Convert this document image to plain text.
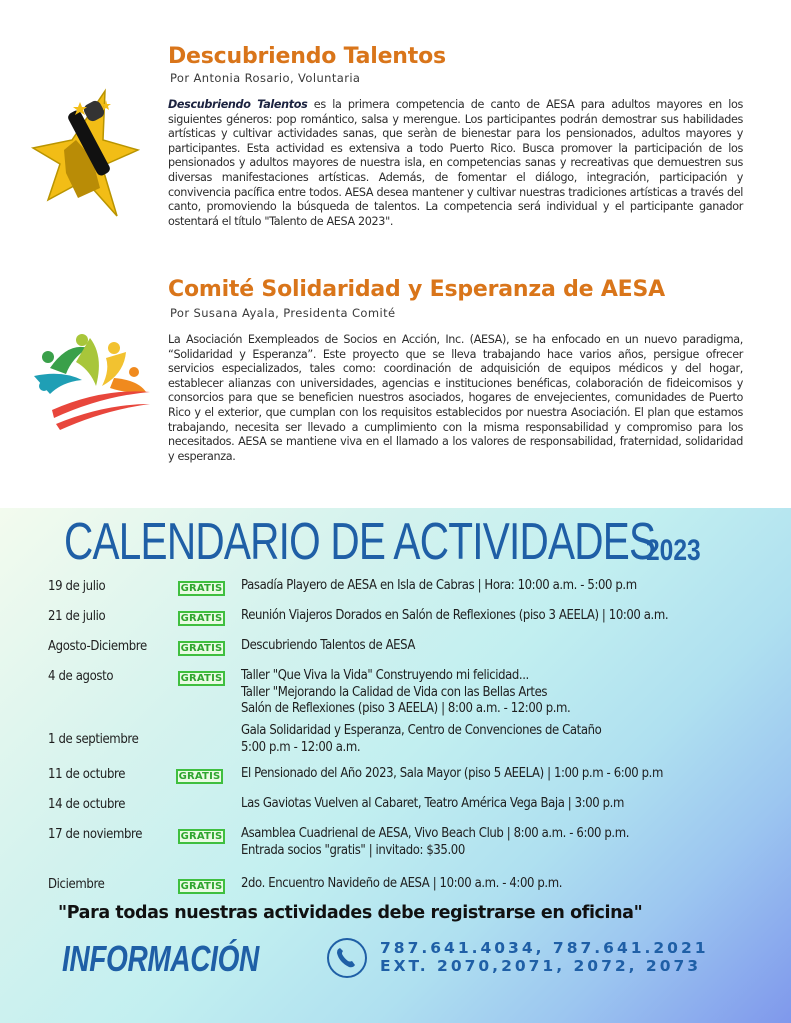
Descubriendo Talentos
Por Antonia Rosario, Voluntaria
Descubriendo Talentos es la primera competencia de canto de AESA para adultos mayores en los siguientes géneros: pop romántico, salsa y merengue. Los participantes podrán demostrar sus habilidades artísticas y cultivar actividades sanas, que seràn de bienestar para los pensionados, adultos mayores y participantes. Esta actividad es extensiva a todo Puerto Rico. Busca promover la participación de los pensionados y adultos mayores de nuestra isla, en competencias sanas y recreativas que demuestren sus diversas manifestaciones artísticas. Además, de fomentar el diálogo, integración, participación y convivencia pacífica entre todos. AESA desea mantener y cultivar nuestras tradiciones artísticas a través del canto, promoviendo la búsqueda de talentos. La competencia será individual y el participante ganador ostentará el título "Talento de AESA 2023".
Comité Solidaridad y Esperanza de AESA
Por Susana Ayala, Presidenta Comité
La Asociación Exempleados de Socios en Acción, Inc. (AESA), se ha enfocado en un nuevo paradigma, “Solidaridad y Esperanza”. Este proyecto que se lleva trabajando hace varios años, persigue ofrecer servicios especializados, tales como: coordinación de adquisición de equipos médicos y del hogar, establecer alianzas con universidades, agencias e instituciones benéficas, colaboración de fideicomisos y consorcios para que se beneficien nuestros asociados, hogares de envejecientes, comunidades de Puerto Rico y el exterior, que cumplan con los requisitos establecidos por nuestra Asociación. El plan que estamos trabajando, necesita ser llevado a cumplimiento con la misma responsabilidad y compromiso para los necesitados. AESA se mantiene viva en el llamado a los valores de responsabilidad, fraternidad, solidaridad y esperanza.
CALENDARIO DE ACTIVIDADES
2023
19 de julio	GRATIS Pasadía Playero de AESA en Isla de Cabras | Hora: 10:00 a.m. - 5:00 p.m
21 de julio	GRATIS Reunión Viajeros Dorados en Salón de Reflexiones (piso 3 AEELA) | 10:00 a.m.
Agosto-Diciembre	GRATIS Descubriendo Talentos de AESA
4 de agosto	GRATIS Taller "Que Viva la Vida" Construyendo mi felicidad...
Taller "Mejorando la Calidad de Vida con las Bellas Artes
Salón de Reflexiones (piso 3 AEELA) | 8:00 a.m. - 12:00 p.m.
1 de septiembre
Gala Solidaridad y Esperanza, Centro de Convenciones de Cataño
5:00 p.m - 12:00 a.m.
11 de octubre	GRATIS El Pensionado del Año 2023, Sala Mayor (piso 5 AEELA) | 1:00 p.m - 6:00 p.m
14 de octubre	Las Gaviotas Vuelven al Cabaret, Teatro América Vega Baja | 3:00 p.m
17 de noviembre	GRATIS Asamblea Cuadrienal de AESA, Vivo Beach Club | 8:00 a.m. - 6:00 p.m.
Entrada socios "gratis" | invitado: $35.00
Diciembre	GRATIS 2do. Encuentro Navideño de AESA | 10:00 a.m. - 4:00 p.m.
"Para todas nuestras actividades debe registrarse en oficina"
INFORMACIÓN	787.641.4034, 787.641.2021
EXT. 2070,2071, 2072, 2073
